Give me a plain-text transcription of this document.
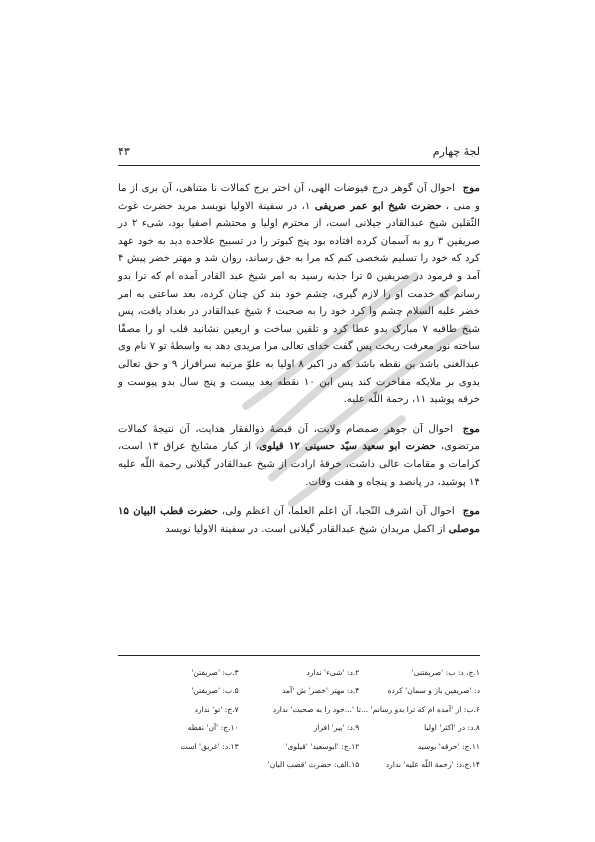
لجهٔ چهارم
۴۳

موج احوال آن گوهر درج فیوضات الهی، آن اختر برج کمالات نا متناهی، آن بری از ما و منی ، حضرت شیخ ابو عمر صریفی ۱، در سفینة الاولیا نویسد مرید حضرت غوث الثّقلین شیخ عبدالقادر جیلانی است، از محترم اولیا و محتشم اصفیا بود، شیء ۲ در صریفین ۳ رو به آسمان کرده افتاده بود پنج کبوتر را در تسبیح علاحده دید به خود عهد کرد که خود را تسلیم شخصی کنم که مرا به حق رساند، روان شد و مهتر خضر پیش ۴ آمد و فرمود در صریفین ۵ ترا جذبه رسید به امر شیخ عبد القادر آمده ام که ترا بدو رسانم که خدمت او را لازم گیری، چشم خود بند کن چنان کرده، بعد ساعتی به امر خضر علیه السلام چشم وا کرد خود را به صحبت ۶ شیخ عبدالقادر در بغداد یافت، پس شیخ طاقیه ۷ مبارک بدو عطا کرد و تلقین ساخت و اربعین نشانید قلب او را مصفّا ساخته نور معرفت ریخت پس گفت خدای تعالی مرا مریدی دهد به واسطهٔ تو ۷ نام وی عبدالغنی باشد بن نقطه باشد که در اکبر ۸ اولیا به علوّ مرتبه سرافراز ۹ و حق تعالی بدوی بر ملایکه مفاخرت کند پس ابن ۱۰ نقطه بعد بیست و پنج سال بدو پیوست و خرقه پوشید ۱۱، رحمة اللّه علیه.

موج احوال آن جوهر صمصام ولایت، آن قبضهٔ ذوالفقار هدایت، آن نتیجهٔ کمالات مرتضوی، حضرت ابو سعید سیّد حسینی ۱۲ قیلوی، از کبار مشایخ عراق ۱۳ است، کرامات و مقامات عالی داشت، خرقهٔ ارادت از شیخ عبدالقادر گیلانی رحمة اللّه علیه ۱۴ پوشید، در پانصد و پنجاه و هفت وفات.

موج احوال آن اشرف النّجبا، آن اعلم العلما، آن اعظم ولی، حضرت قطب البیان ۱۵ موصلی از اکمل مریدان شیخ عبدالقادر گیلانی است. در سفینة الاولیا نویسد

۱.ج، د: ب: 'صریفتنی'
۲.د: 'شیء' ندارد
۳.ب: 'صریفتن'
د: 'صریفین باز و سمان' کرده
۴.د: مهتر 'خضر' ش 'آمد
۵.ب: 'صریفتن'
۶.ب: از 'آمده ام که ترا بدو رسانم' ...تا '...خود را به صحبت' ندارد
۷.ج: 'تو' ندارد
۸.د: در 'اکثر' اولیا
۹.د: 'پیر' افراز
۱۰.ج: 'آن' نقطه
۱۱.ج: 'خرقه' بوسید
۱۲.ج: 'ابوسعید' 'قیلوی'
۱۳.د: 'غریق' است
۱۴.ج،د: 'رحمة اللّه علیه' ندارد
۱۵.الف: حضرت 'قصب البان'
